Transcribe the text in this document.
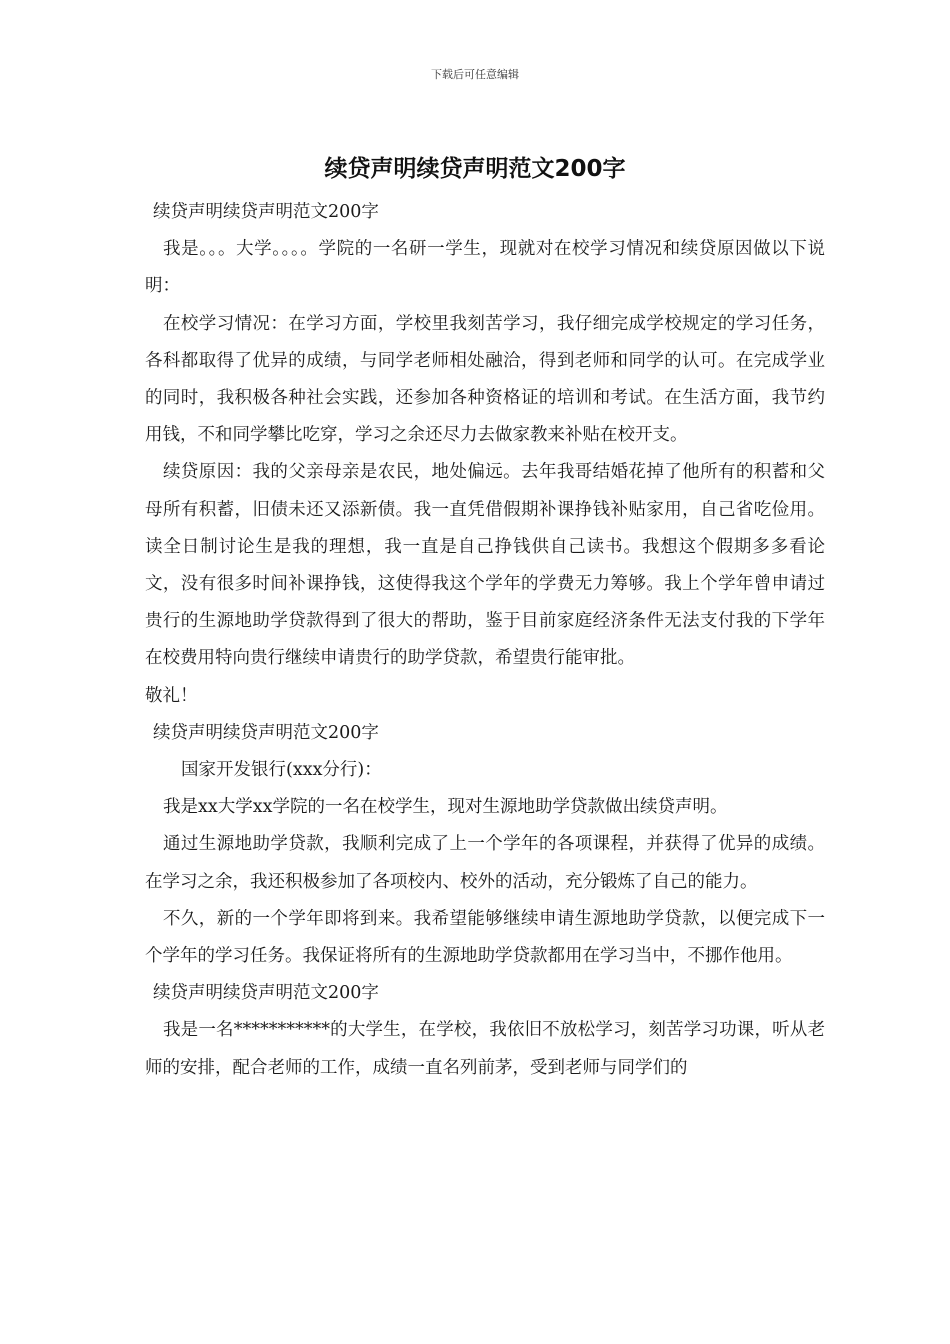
下载后可任意编辑
续贷声明续贷声明范文200字

续贷声明续贷声明范文200字

我是。。。大学。。。。学院的一名研一学生，现就对在校学习情况和续贷原因做以下说明：

在校学习情况：在学习方面，学校里我刻苦学习，我仔细完成学校规定的学习任务，各科都取得了优异的成绩，与同学老师相处融洽，得到老师和同学的认可。在完成学业的同时，我积极各种社会实践，还参加各种资格证的培训和考试。在生活方面，我节约用钱，不和同学攀比吃穿，学习之余还尽力去做家教来补贴在校开支。

续贷原因：我的父亲母亲是农民，地处偏远。去年我哥结婚花掉了他所有的积蓄和父母所有积蓄，旧债未还又添新债。我一直凭借假期补课挣钱补贴家用，自己省吃俭用。读全日制讨论生是我的理想，我一直是自己挣钱供自己读书。我想这个假期多多看论文，没有很多时间补课挣钱，这使得我这个学年的学费无力筹够。我上个学年曾申请过贵行的生源地助学贷款得到了很大的帮助，鉴于目前家庭经济条件无法支付我的下学年在校费用特向贵行继续申请贵行的助学贷款，希望贵行能审批。

敬礼！

续贷声明续贷声明范文200字

国家开发银行(xxx分行)：

我是xx大学xx学院的一名在校学生，现对生源地助学贷款做出续贷声明。

通过生源地助学贷款，我顺利完成了上一个学年的各项课程，并获得了优异的成绩。在学习之余，我还积极参加了各项校内、校外的活动，充分锻炼了自己的能力。

不久，新的一个学年即将到来。我希望能够继续申请生源地助学贷款，以便完成下一个学年的学习任务。我保证将所有的生源地助学贷款都用在学习当中，不挪作他用。

续贷声明续贷声明范文200字

我是一名***********的大学生，在学校，我依旧不放松学习，刻苦学习功课，听从老师的安排，配合老师的工作，成绩一直名列前茅，受到老师与同学们的
